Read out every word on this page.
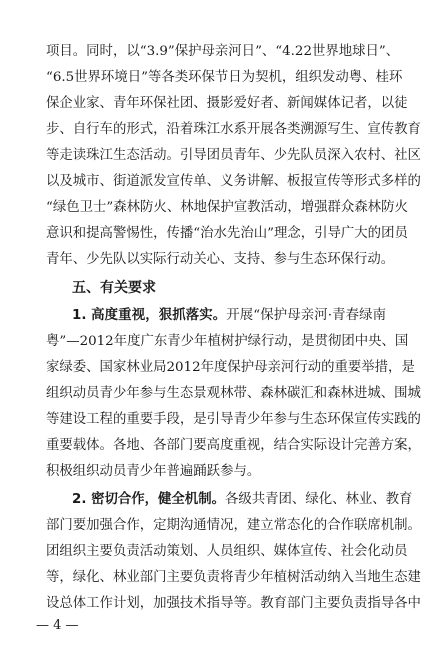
项目。同时，以“3.9”保护母亲河日”、“4.22世界地球日”、
“6.5世界环境日”等各类环保节日为契机，组织发动粤、桂环
保企业家、青年环保社团、摄影爱好者、新闻媒体记者，以徒
步、自行车的形式，沿着珠江水系开展各类溯源写生、宣传教育
等走读珠江生态活动。引导团员青年、少先队员深入农村、社区
以及城市、街道派发宣传单、义务讲解、板报宣传等形式多样的
“绿色卫士”森林防火、林地保护宣教活动，增强群众森林防火
意识和提高警惕性，传播“治水先治山”理念，引导广大的团员
青年、少先队以实际行动关心、支持、参与生态环保行动。
五、有关要求
1. 高度重视，狠抓落实。开展“保护母亲河·青春绿南
粤”—2012年度广东青少年植树护绿行动，是贯彻团中央、国
家绿委、国家林业局2012年度保护母亲河行动的重要举措，是
组织动员青少年参与生态景观林带、森林碳汇和森林进城、围城
等建设工程的重要手段，是引导青少年参与生态环保宣传实践的
重要载体。各地、各部门要高度重视，结合实际设计完善方案，
积极组织动员青少年普遍踊跃参与。
2. 密切合作，健全机制。各级共青团、绿化、林业、教育
部门要加强合作，定期沟通情况，建立常态化的合作联席机制。
团组织主要负责活动策划、人员组织、媒体宣传、社会化动员
等，绿化、林业部门主要负责将青少年植树活动纳入当地生态建
设总体工作计划，加强技术指导等。教育部门主要负责指导各中
— 4 —
